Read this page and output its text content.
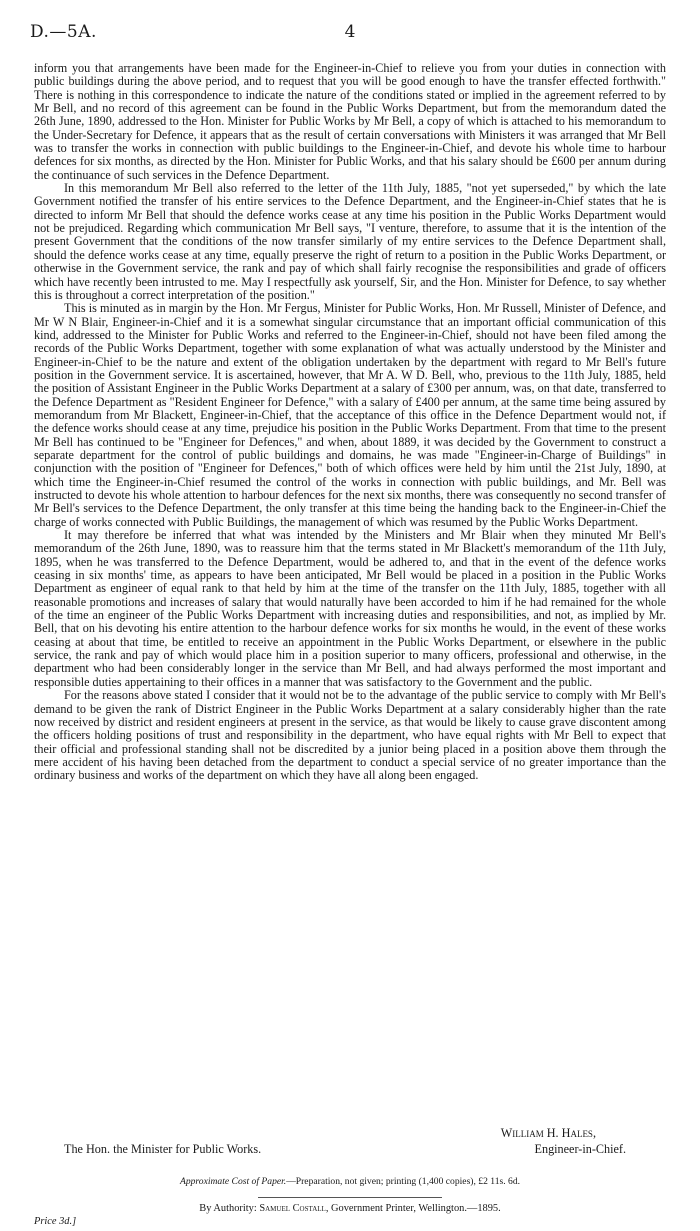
D.—5A.	4

inform you that arrangements have been made for the Engineer-in-Chief to relieve you from your duties in connection with public buildings during the above period, and to request that you will be good enough to have the transfer effected forthwith." There is nothing in this correspondence to indicate the nature of the conditions stated or implied in the agreement referred to by Mr Bell, and no record of this agreement can be found in the Public Works Department, but from the memorandum dated the 26th June, 1890, addressed to the Hon. Minister for Public Works by Mr Bell, a copy of which is attached to his memorandum to the Under-Secretary for Defence, it appears that as the result of certain conversations with Ministers it was arranged that Mr Bell was to transfer the works in connection with public buildings to the Engineer-in-Chief, and devote his whole time to harbour defences for six months, as directed by the Hon. Minister for Public Works, and that his salary should be £600 per annum during the continuance of such services in the Defence Department.

In this memorandum Mr Bell also referred to the letter of the 11th July, 1885, "not yet superseded," by which the late Government notified the transfer of his entire services to the Defence Department, and the Engineer-in-Chief states that he is directed to inform Mr Bell that should the defence works cease at any time his position in the Public Works Department would not be prejudiced. Regarding which communication Mr Bell says, "I venture, therefore, to assume that it is the intention of the present Government that the conditions of the now transfer similarly of my entire services to the Defence Department shall, should the defence works cease at any time, equally preserve the right of return to a position in the Public Works Department, or otherwise in the Government service, the rank and pay of which shall fairly recognise the responsibilities and grade of officers which have recently been intrusted to me. May I respectfully ask yourself, Sir, and the Hon. Minister for Defence, to say whether this is throughout a correct interpretation of the position."

This is minuted as in margin by the Hon. Mr Fergus, Minister for Public Works, Hon. Mr Russell, Minister of Defence, and Mr W N Blair, Engineer-in-Chief and it is a somewhat singular circumstance that an important official communication of this kind, addressed to the Minister for Public Works and referred to the Engineer-in-Chief, should not have been filed among the records of the Public Works Department, together with some explanation of what was actually understood by the Minister and Engineer-in-Chief to be the nature and extent of the obligation undertaken by the department with regard to Mr Bell's future position in the Government service. It is ascertained, however, that Mr A. W D. Bell, who, previous to the 11th July, 1885, held the position of Assistant Engineer in the Public Works Department at a salary of £300 per annum, was, on that date, transferred to the Defence Department as "Resident Engineer for Defence," with a salary of £400 per annum, at the same time being assured by memorandum from Mr Blackett, Engineer-in-Chief, that the acceptance of this office in the Defence Department would not, if the defence works should cease at any time, prejudice his position in the Public Works Department. From that time to the present Mr Bell has continued to be "Engineer for Defences," and when, about 1889, it was decided by the Government to construct a separate department for the control of public buildings and domains, he was made "Engineer-in-Charge of Buildings" in conjunction with the position of "Engineer for Defences," both of which offices were held by him until the 21st July, 1890, at which time the Engineer-in-Chief resumed the control of the works in connection with public buildings, and Mr. Bell was instructed to devote his whole attention to harbour defences for the next six months, there was consequently no second transfer of Mr Bell's services to the Defence Department, the only transfer at this time being the handing back to the Engineer-in-Chief the charge of works connected with Public Buildings, the management of which was resumed by the Public Works Department.

It may therefore be inferred that what was intended by the Ministers and Mr Blair when they minuted Mr Bell's memorandum of the 26th June, 1890, was to reassure him that the terms stated in Mr Blackett's memorandum of the 11th July, 1895, when he was transferred to the Defence Department, would be adhered to, and that in the event of the defence works ceasing in six months' time, as appears to have been anticipated, Mr Bell would be placed in a position in the Public Works Department as engineer of equal rank to that held by him at the time of the transfer on the 11th July, 1885, together with all reasonable promotions and increases of salary that would naturally have been accorded to him if he had remained for the whole of the time an engineer of the Public Works Department with increasing duties and responsibilities, and not, as implied by Mr. Bell, that on his devoting his entire attention to the harbour defence works for six months he would, in the event of these works ceasing at about that time, be entitled to receive an appointment in the Public Works Department, or elsewhere in the public service, the rank and pay of which would place him in a position superior to many officers, professional and otherwise, in the department who had been considerably longer in the service than Mr Bell, and had always performed the most important and responsible duties appertaining to their offices in a manner that was satisfactory to the Government and the public.

For the reasons above stated I consider that it would not be to the advantage of the public service to comply with Mr Bell's demand to be given the rank of District Engineer in the Public Works Department at a salary considerably higher than the rate now received by district and resident engineers at present in the service, as that would be likely to cause grave discontent among the officers holding positions of trust and responsibility in the department, who have equal rights with Mr Bell to expect that their official and professional standing shall not be discredited by a junior being placed in a position above them through the mere accident of his having been detached from the department to conduct a special service of no greater importance than the ordinary business and works of the department on which they have all along been engaged.

William H. Hales,
The Hon. the Minister for Public Works.	Engineer-in-Chief.
Approximate Cost of Paper.—Preparation, not given; printing (1,400 copies), £2 11s. 6d.
By Authority: Samuel Costall, Government Printer, Wellington.—1895.
Price 3d.]
